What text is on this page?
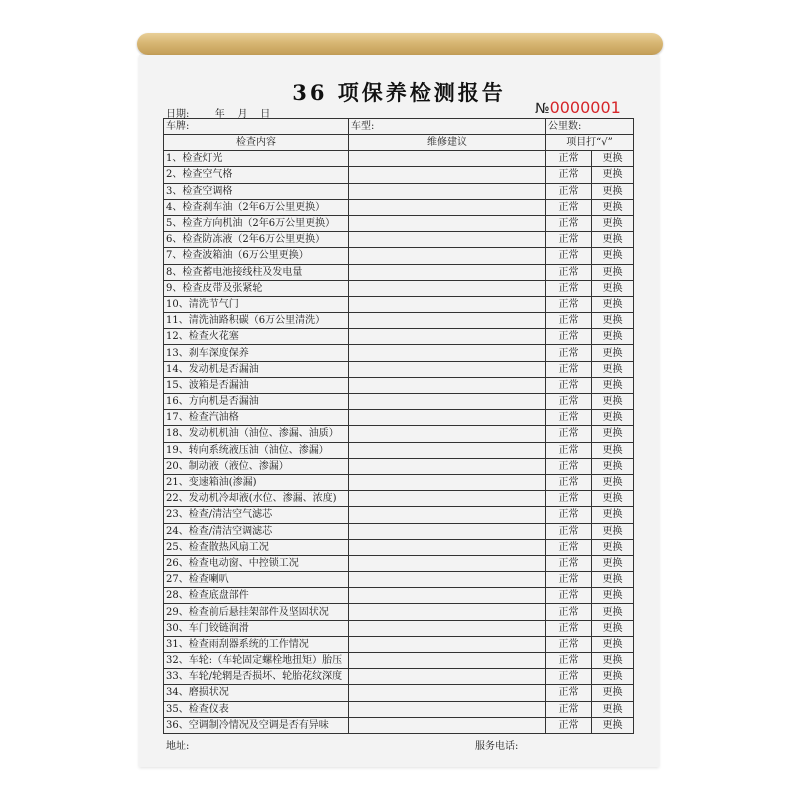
36 项保养检测报告
日期:        年    月    日	№0000001
车牌:	车型:	公里数:	
检查内容	维修建议	项目打“√”	
1、检查灯光		正常	更换
2、检查空气格		正常	更换
3、检查空调格		正常	更换
4、检查刹车油（2年6万公里更换）		正常	更换
5、检查方向机油（2年6万公里更换）		正常	更换
6、检查防冻液（2年6万公里更换）		正常	更换
7、检查波箱油（6万公里更换）		正常	更换
8、检查蓄电池接线柱及发电量		正常	更换
9、检查皮带及张紧轮		正常	更换
10、清洗节气门		正常	更换
11、清洗油路积碳（6万公里清洗）		正常	更换
12、检查火花塞		正常	更换
13、刹车深度保养		正常	更换
14、发动机是否漏油		正常	更换
15、波箱是否漏油		正常	更换
16、方向机是否漏油		正常	更换
17、检查汽油格		正常	更换
18、发动机机油（油位、渗漏、油质）		正常	更换
19、转向系统液压油（油位、渗漏）		正常	更换
20、制动液（液位、渗漏）		正常	更换
21、变速箱油(渗漏)		正常	更换
22、发动机冷却液(水位、渗漏、浓度)		正常	更换
23、检查/清洁空气滤芯		正常	更换
24、检查/清洁空调滤芯		正常	更换
25、检查散热风扇工况		正常	更换
26、检查电动窗、中控锁工况		正常	更换
27、检查喇叭		正常	更换
28、检查底盘部件		正常	更换
29、检查前后悬挂架部件及坚固状况		正常	更换
30、车门铰链润滑		正常	更换
31、检查雨刮器系统的工作情况		正常	更换
32、车轮:（车轮固定螺栓地扭矩）胎压		正常	更换
33、车轮/轮辋是否损坏、轮胎花纹深度		正常	更换
34、磨损状况		正常	更换
35、检查仪表		正常	更换
36、空调制冷情况及空调是否有异味		正常	更换
地址:	服务电话:
